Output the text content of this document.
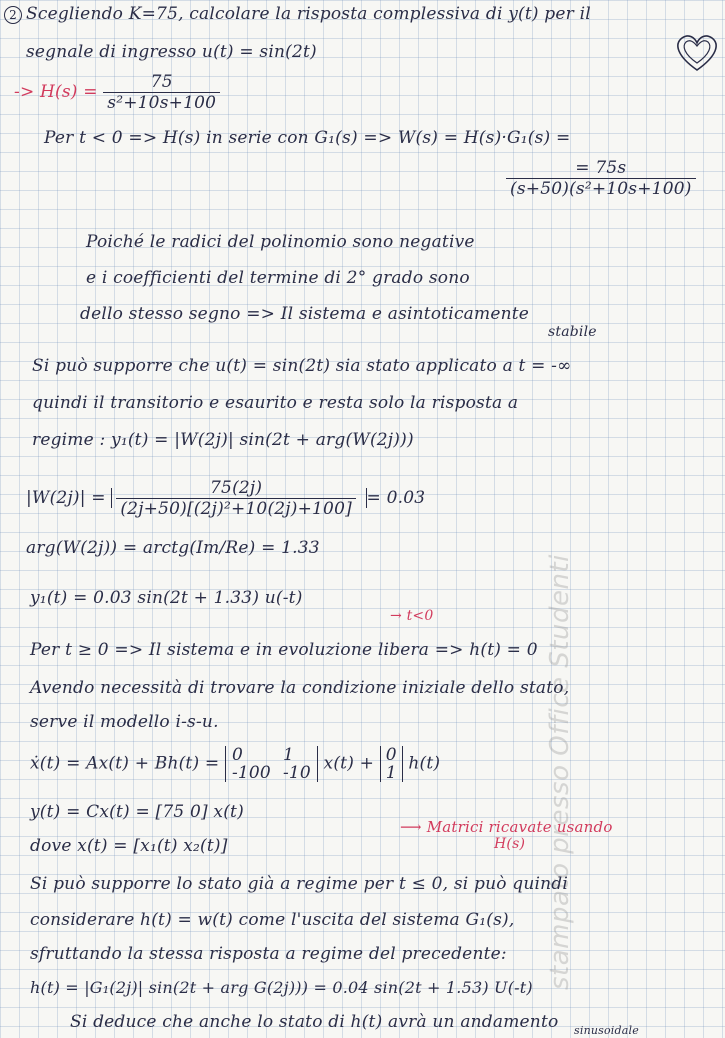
stampato presso Office Studenti
2 Scegliendo K=75, calcolare la risposta complessiva di y(t) per il
segnale di ingresso u(t) = sin(2t)
-> $H(s) = \frac{75}{\text{s²+10s+100}}$
Per t < 0 => H(s) in serie con G₁(s) => W(s) = H(s)·G₁(s) =
$\frac{= 75s}{\text{(s+50)(s²+10s+100)}}$
Poiché le radici del polinomio sono negative
e i coefficienti del termine di 2° grado sono
dello stesso segno => Il sistema e asintoticamente
stabile
Si può supporre che u(t) = sin(2t) sia stato applicato a t = -∞
quindi il transitorio e esaurito e resta solo la risposta a
regime : y₁(t) = |W(2j)| sin(2t + arg(W(2j)))
$|W(2j)| = \frac{75(2j)}{\text{(2j+50)[(2j)²+10(2j)+100]}} = 0.03$
arg(W(2j)) = arctg(Im/Re) = 1.33
y₁(t) = 0.03 sin(2t + 1.33) u(-t)
→ t<0
Per t ≥ 0 => Il sistema e in evoluzione libera => h(t) = 0
Avendo necessità di trovare la condizione iniziale dello stato,
serve il modello i-s-u.
ẋ(t) = Ax(t) + Bh(t) = 0	1
-100 -10 x(t) + 0
1 h(t)
y(t) = Cx(t) = [75 0] x(t)
⟶ Matrici ricavate usando
H(s)
dove x(t) = [x₁(t) x₂(t)]
Si può supporre lo stato già a regime per t ≤ 0, si può quindi
considerare h(t) = w(t) come l'uscita del sistema G₁(s),
sfruttando la stessa risposta a regime del precedente:
h(t) = |G₁(2j)| sin(2t + arg G(2j))) = 0.04 sin(2t + 1.53) U(-t)
Si deduce che anche lo stato di h(t) avrà un andamento sinusoidale
